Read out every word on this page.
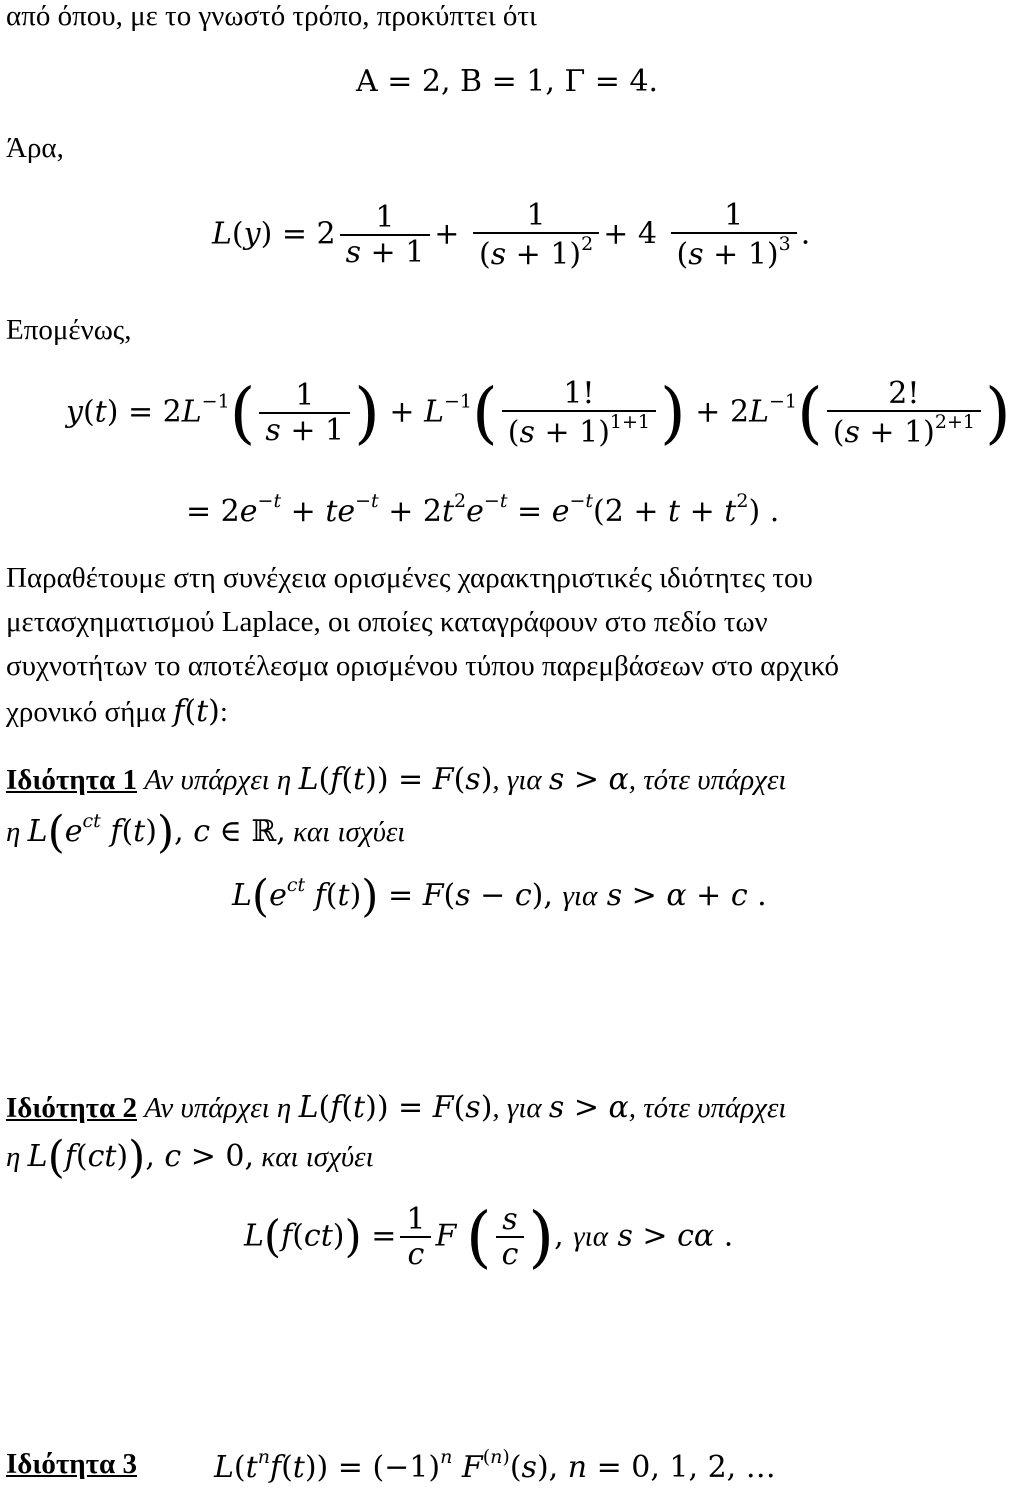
από όπου, με το γνωστό τρόπο, προκύπτει ότι
A = 2, B = 1, Γ = 4.
Άρα,
$L(y) = 2 \frac{1}{s + 1} + \frac{1}{(s + 1)^2} + 4 \frac{1}{(s + 1)^3}$ .
Επομένως,
$y(t) = 2L^{-1}( \frac{1}{s + 1}$ ) + $L^{-1}( \frac{1!}{(s + 1)^{1+1}}$ ) + $2L^{-1}( \frac{2!}{(s + 1)^{2+1}}$ )
= $2e^{-t} + te^{-t} + 2t^2e^{-t} = e^{-t}(2 + t + t^2)$ .
Παραθέτουμε στη συνέχεια ορισμένες χαρακτηριστικές ιδιότητες του
μετασχηματισμού Laplace, οι οποίες καταγράφουν στο πεδίο των
συχνοτήτων το αποτέλεσμα ορισμένου τύπου παρεμβάσεων στο αρχικό
χρονικό σήμα f(t):
Ιδιότητα 1 Αν υπάρχει η L(f(t)) = F(s), για s > α, τότε υπάρχει
η $L(e^{ct}$ f(t)), c ∈ ℝ, και ισχύει
$L(e^{ct}$ f(t)) = F(s − c), για s > α + c .
Ιδιότητα 2 Αν υπάρχει η L(f(t)) = F(s), για s > α, τότε υπάρχει
η L(f(ct)), c > 0, και ισχύει
$L(f(ct)) = \frac{1}{c}$ F ( $\frac{s}{c}$ ), για s > cα .
Ιδιότητα 3	$L(t^nf(t)) = (-1)^n$ $F^{(n)}(s)$, n = 0, 1, 2, …
